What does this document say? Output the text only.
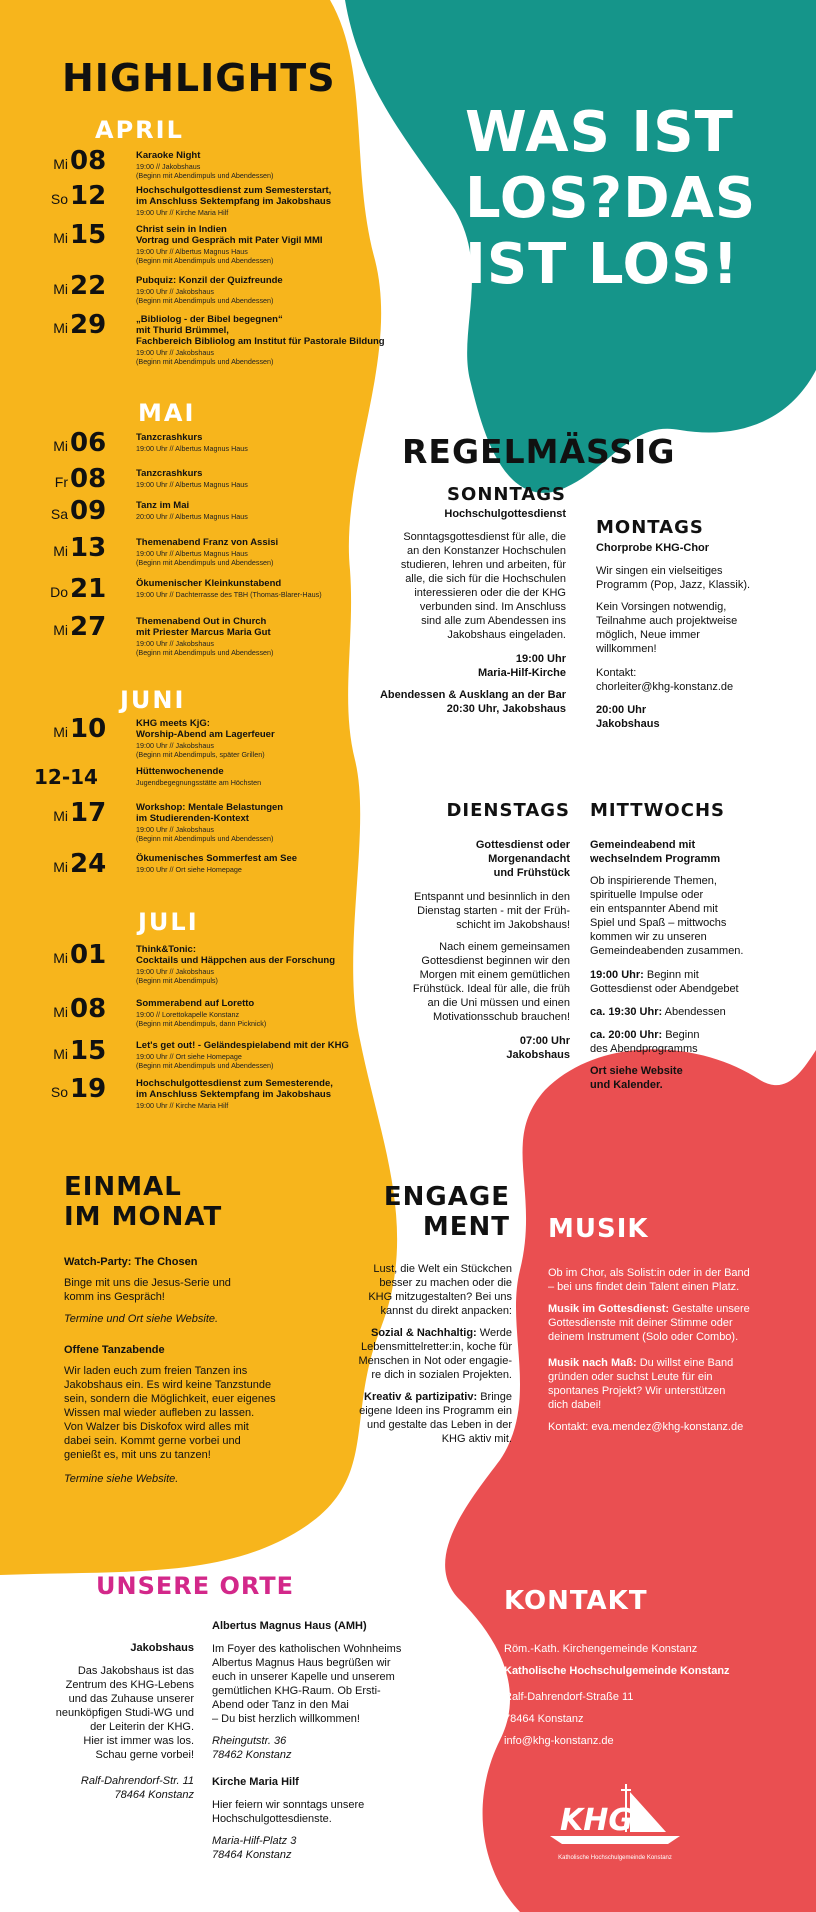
HIGHLIGHTS
WAS IST
LOS?DAS
IST LOS!
APRIL
MAI
JUNI
JULI
Mi 08	Karaoke Night
19:00 // Jakobshaus
(Beginn mit Abendimpuls und Abendessen)
So 12	Hochschulgottesdienst zum Semesterstart,
im Anschluss Sektempfang im Jakobshaus
19:00 Uhr // Kirche Maria Hilf
Mi 15	Christ sein in Indien
Vortrag und Gespräch mit Pater Vigil MMI
19:00 Uhr // Albertus Magnus Haus
(Beginn mit Abendimpuls und Abendessen)
Mi 22	Pubquiz: Konzil der Quizfreunde
19:00 Uhr // Jakobshaus
(Beginn mit Abendimpuls und Abendessen)
Mi 29	„Bibliolog - der Bibel begegnen“
mit Thurid Brümmel,
Fachbereich Bibliolog am Institut für Pastorale Bildung
19:00 Uhr // Jakobshaus
(Beginn mit Abendimpuls und Abendessen)
Mi 06	Tanzcrashkurs
19:00 Uhr // Albertus Magnus Haus
Fr 08	Tanzcrashkurs
19:00 Uhr // Albertus Magnus Haus
Sa 09	Tanz im Mai
20:00 Uhr // Albertus Magnus Haus
Mi 13	Themenabend Franz von Assisi
19:00 Uhr // Albertus Magnus Haus
(Beginn mit Abendimpuls und Abendessen)
Do 21	Ökumenischer Kleinkunstabend
19:00 Uhr // Dachterrasse des TBH (Thomas-Blarer-Haus)
Mi 27	Themenabend Out in Church
mit Priester Marcus Maria Gut
19:00 Uhr // Jakobshaus
(Beginn mit Abendimpuls und Abendessen)
Mi 10	KHG meets KjG:
Worship-Abend am Lagerfeuer
19:00 Uhr // Jakobshaus
(Beginn mit Abendimpuls, später Grillen)
12-14	Hüttenwochenende
Jugendbegegnungsstätte am Höchsten
Mi 17	Workshop: Mentale Belastungen
im Studierenden-Kontext
19:00 Uhr // Jakobshaus
(Beginn mit Abendimpuls und Abendessen)
Mi 24	Ökumenisches Sommerfest am See
19:00 Uhr // Ort siehe Homepage
Mi 01	Think&Tonic:
Cocktails und Häppchen aus der Forschung
19:00 Uhr // Jakobshaus
(Beginn mit Abendimpuls)
Mi 08	Sommerabend auf Loretto
19:00 // Lorettokapelle Konstanz
(Beginn mit Abendimpuls, dann Picknick)
Mi 15	Let's get out! - Geländespielabend mit der KHG
19:00 Uhr // Ort siehe Homepage
(Beginn mit Abendimpuls und Abendessen)
So 19	Hochschulgottesdienst zum Semesterende,
im Anschluss Sektempfang im Jakobshaus
19:00 Uhr // Kirche Maria Hilf
REGELMÄSSIG
SONNTAGS
Hochschulgottesdienst
Sonntagsgottesdienst für alle, die
an den Konstanzer Hochschulen
studieren, lehren und arbeiten, für
alle, die sich für die Hochschulen
interessieren oder die der KHG
verbunden sind. Im Anschluss
sind alle zum Abendessen ins
Jakobshaus eingeladen.
19:00 Uhr
Maria-Hilf-Kirche
Abendessen & Ausklang an der Bar
20:30 Uhr, Jakobshaus
MONTAGS
Chorprobe KHG-Chor
Wir singen ein vielseitiges
Programm (Pop, Jazz, Klassik).
Kein Vorsingen notwendig,
Teilnahme auch projektweise
möglich, Neue immer
willkommen!
Kontakt:
chorleiter@khg-konstanz.de
20:00 Uhr
Jakobshaus
DIENSTAGS
Gottesdienst oder
Morgenandacht
und Frühstück
Entspannt und besinnlich in den
Dienstag starten - mit der Früh-
schicht im Jakobshaus!
Nach einem gemeinsamen
Gottesdienst beginnen wir den
Morgen mit einem gemütlichen
Frühstück. Ideal für alle, die früh
an die Uni müssen und einen
Motivationsschub brauchen!
07:00 Uhr
Jakobshaus
MITTWOCHS
Gemeindeabend mit
wechselndem Programm
Ob inspirierende Themen,
spirituelle Impulse oder
ein entspannter Abend mit
Spiel und Spaß – mittwochs
kommen wir zu unseren
Gemeindeabenden zusammen.
19:00 Uhr: Beginn mit
Gottesdienst oder Abendgebet
ca. 19:30 Uhr: Abendessen
ca. 20:00 Uhr: Beginn
des Abendprogramms
Ort siehe Website
und Kalender.
EINMAL
IM MONAT
Watch-Party: The Chosen
Binge mit uns die Jesus-Serie und
komm ins Gespräch!
Termine und Ort siehe Website.
Offene Tanzabende
Wir laden euch zum freien Tanzen ins
Jakobshaus ein. Es wird keine Tanzstunde
sein, sondern die Möglichkeit, euer eigenes
Wissen mal wieder aufleben zu lassen.
Von Walzer bis Diskofox wird alles mit
dabei sein. Kommt gerne vorbei und
genießt es, mit uns zu tanzen!
Termine siehe Website.
ENGAGE
MENT
Lust, die Welt ein Stückchen
besser zu machen oder die
KHG mitzugestalten? Bei uns
kannst du direkt anpacken:
Sozial & Nachhaltig: Werde
Lebensmittelretter:in, koche für
Menschen in Not oder engagie-
re dich in sozialen Projekten.
Kreativ & partizipativ: Bringe
eigene Ideen ins Programm ein
und gestalte das Leben in der
KHG aktiv mit.
MUSIK
Ob im Chor, als Solist:in oder in der Band
– bei uns findet dein Talent einen Platz.
Musik im Gottesdienst: Gestalte unsere
Gottesdienste mit deiner Stimme oder
deinem Instrument (Solo oder Combo).
Musik nach Maß: Du willst eine Band
gründen oder suchst Leute für ein
spontanes Projekt? Wir unterstützen
dich dabei!
Kontakt: eva.mendez@khg-konstanz.de
UNSERE ORTE
Jakobshaus
Das Jakobshaus ist das
Zentrum des KHG-Lebens
und das Zuhause unserer
neunköpfigen Studi-WG und
der Leiterin der KHG.
Hier ist immer was los.
Schau gerne vorbei!
Ralf-Dahrendorf-Str. 11
78464 Konstanz
Albertus Magnus Haus (AMH)
Im Foyer des katholischen Wohnheims
Albertus Magnus Haus begrüßen wir
euch in unserer Kapelle und unserem
gemütlichen KHG-Raum. Ob Ersti-
Abend oder Tanz in den Mai
– Du bist herzlich willkommen!
Rheingutstr. 36
78462 Konstanz
Kirche Maria Hilf
Hier feiern wir sonntags unsere
Hochschulgottesdienste.
Maria-Hilf-Platz 3
78464 Konstanz
KONTAKT
Röm.-Kath. Kirchengemeinde Konstanz
Katholische Hochschulgemeinde Konstanz
Ralf-Dahrendorf-Straße 11
78464 Konstanz
info@khg-konstanz.de
KHG
Katholische Hochschulgemeinde Konstanz
